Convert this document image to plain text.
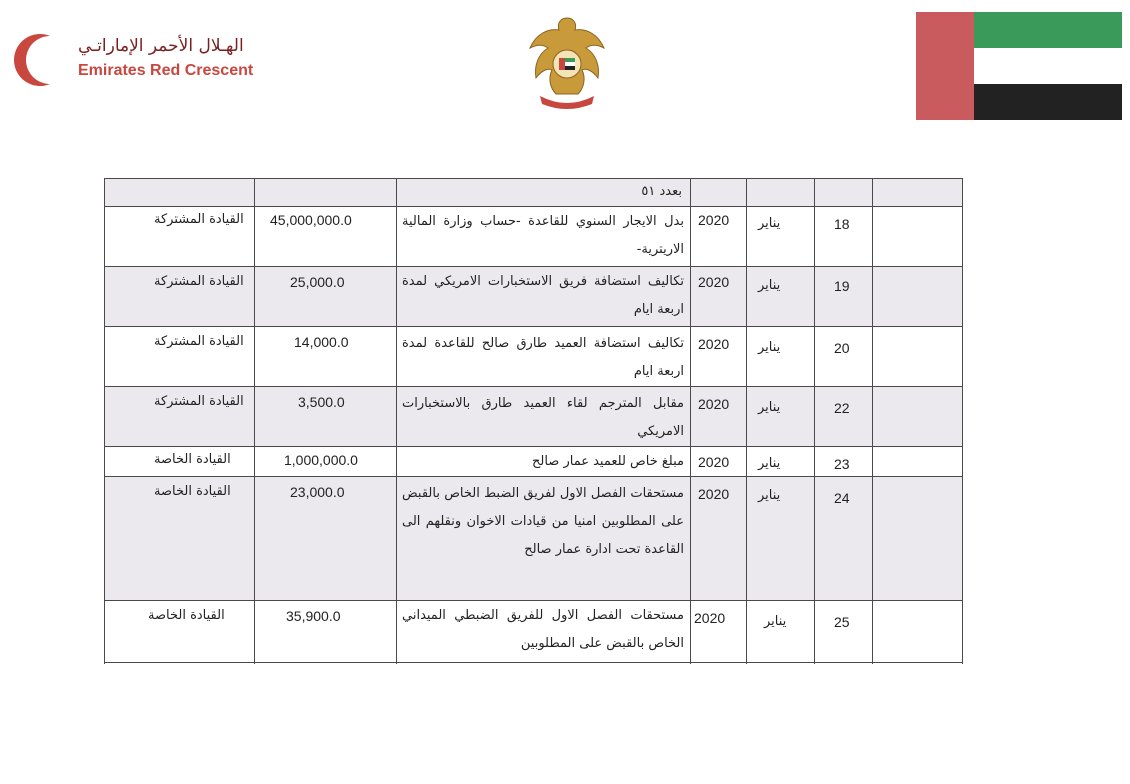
الهـلال الأحمر الإماراتـي
Emirates Red Crescent
بعدد ٥١
18
يناير
2020
بدل الايجار السنوي للقاعدة -حساب وزارة المالية الاريترية-
45,000,000.0
القيادة المشتركة
19
يناير
2020
تكاليف استضافة فريق الاستخبارات الامريكي لمدة اربعة ايام
25,000.0
القيادة المشتركة
20
يناير
2020
تكاليف استضافة العميد طارق صالح للقاعدة لمدة اربعة ايام
14,000.0
القيادة المشتركة
22
يناير
2020
مقابل المترجم لقاء العميد طارق بالاستخبارات الامريكي
3,500.0
القيادة المشتركة
23
يناير
2020
مبلغ خاص للعميد عمار صالح
1,000,000.0
القيادة الخاصة
24
يناير
2020
مستحقات الفصل الاول لفريق الضبط الخاص بالقبض على المطلوبين امنيا من قيادات الاخوان ونقلهم الى القاعدة تحت ادارة عمار صالح
23,000.0
القيادة الخاصة
25
يناير
2020
مستحقات الفصل الاول للفريق الضبطي الميداني الخاص بالقبض على المطلوبين
35,900.0
القيادة الخاصة
